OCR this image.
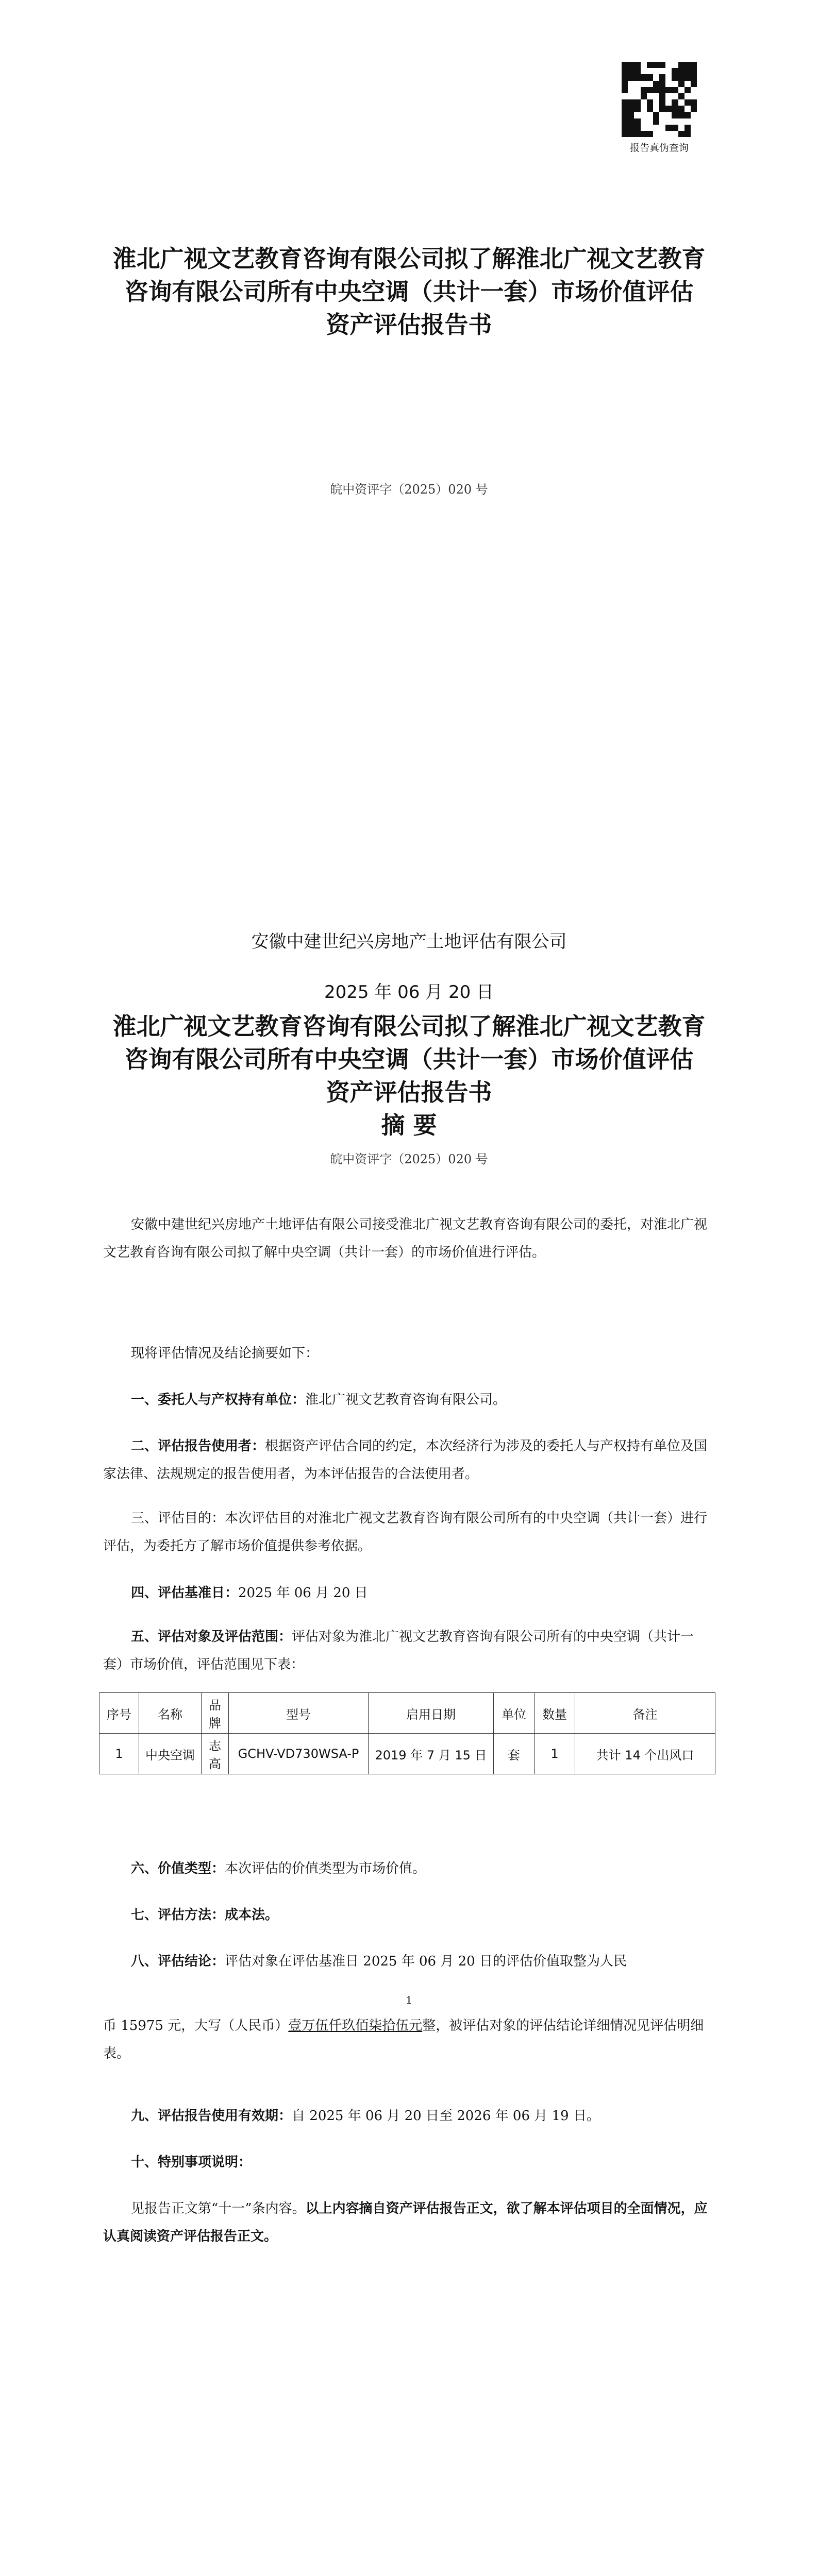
报告真伪查询
淮北广视文艺教育咨询有限公司拟了解淮北广视文艺教育
咨询有限公司所有中央空调（共计一套）市场价值评估
资产评估报告书
皖中资评字（2025）020 号
安徽中建世纪兴房地产土地评估有限公司
2025 年 06 月 20 日
淮北广视文艺教育咨询有限公司拟了解淮北广视文艺教育
咨询有限公司所有中央空调（共计一套）市场价值评估
资产评估报告书
摘 要
皖中资评字（2025）020 号
安徽中建世纪兴房地产土地评估有限公司接受淮北广视文艺教育咨询有限公司的委托，对淮北广视文艺教育咨询有限公司拟了解中央空调（共计一套）的市场价值进行评估。
现将评估情况及结论摘要如下：
一、委托人与产权持有单位：淮北广视文艺教育咨询有限公司。
二、评估报告使用者：根据资产评估合同的约定，本次经济行为涉及的委托人与产权持有单位及国家法律、法规规定的报告使用者，为本评估报告的合法使用者。
三、评估目的：本次评估目的对淮北广视文艺教育咨询有限公司所有的中央空调（共计一套）进行评估，为委托方了解市场价值提供参考依据。
四、评估基准日：2025 年 06 月 20 日
五、评估对象及评估范围：评估对象为淮北广视文艺教育咨询有限公司所有的中央空调（共计一套）市场价值，评估范围见下表：
序号	名称	品牌	型号	启用日期	单位	数量	备注
1	中央空调	志高	GCHV-VD730WSA-P	2019 年 7 月 15 日	套	1	共计 14 个出风口
六、价值类型：本次评估的价值类型为市场价值。
七、评估方法：成本法。
八、评估结论：评估对象在评估基准日 2025 年 06 月 20 日的评估价值取整为人民
1
币 15975 元，大写（人民币）壹万伍仟玖佰柒拾伍元整，被评估对象的评估结论详细情况见评估明细表。
九、评估报告使用有效期：自 2025 年 06 月 20 日至 2026 年 06 月 19 日。
十、特别事项说明：
见报告正文第“十一”条内容。以上内容摘自资产评估报告正文，欲了解本评估项目的全面情况，应认真阅读资产评估报告正文。
